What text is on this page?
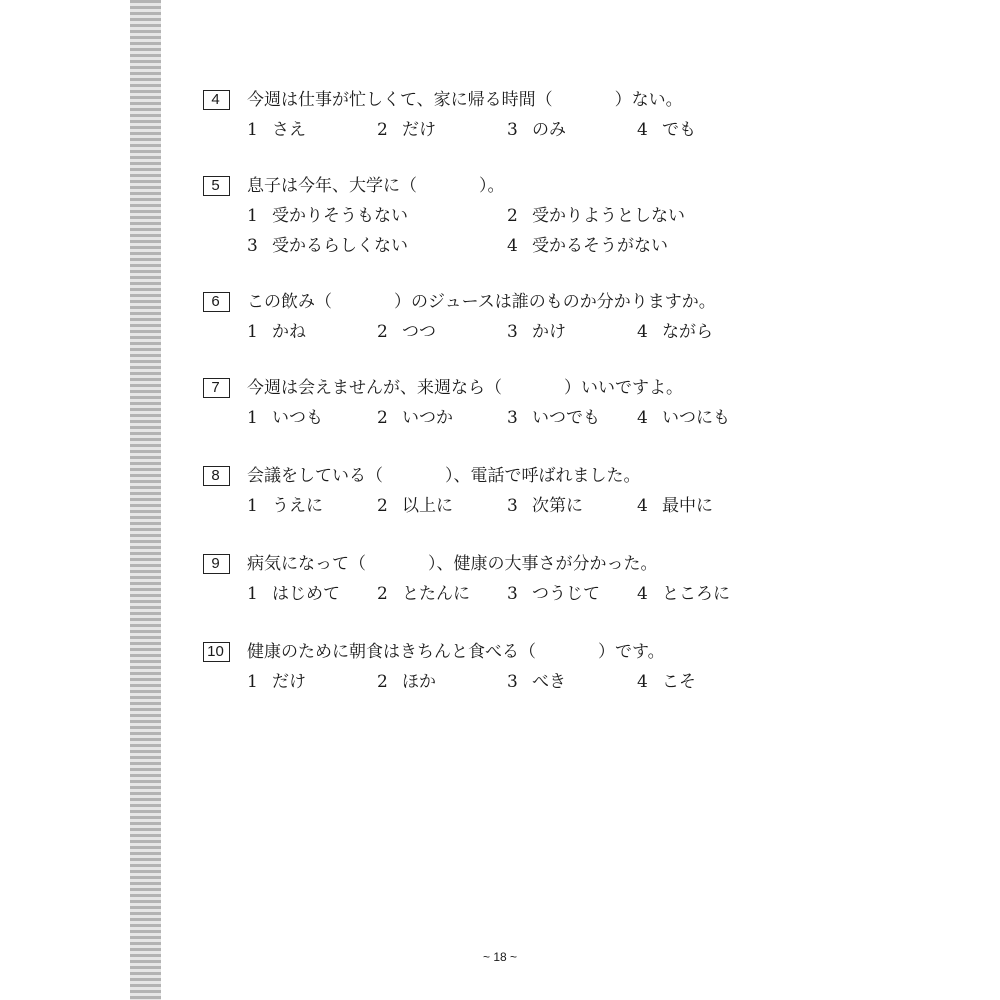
4	今週は仕事が忙しくて、家に帰る時間（	）ない。
1 さえ	2 だけ	3 のみ	4 でも
5	息子は今年、大学に（	）。
1 受かりそうもない	2 受かりようとしない
3 受かるらしくない	4 受かるそうがない
6	この飲み（	）のジュースは誰のものか分かりますか。
1 かね	2 つつ	3 かけ	4 ながら
7	今週は会えませんが、来週なら（	）いいですよ。
1 いつも	2 いつか	3 いつでも 4 いつにも
8	会議をしている（	）、電話で呼ばれました。
1 うえに	2 以上に	3 次第に	4 最中に
9	病気になって（	）、健康の大事さが分かった。
1 はじめて 2 とたんに 3 つうじて 4 ところに
10	健康のために朝食はきちんと食べる（	）です。
1 だけ	2 ほか	3 べき	4 こそ
~ 18 ~
